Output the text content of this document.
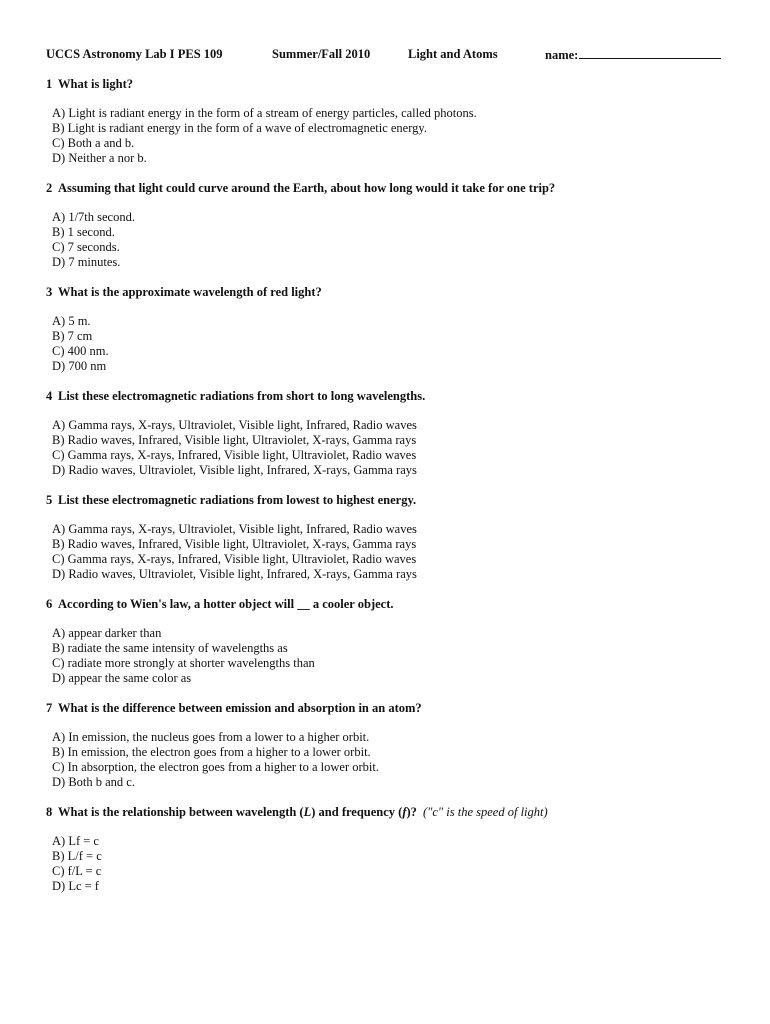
UCCS Astronomy Lab I PES 109	Summer/Fall 2010	Light and Atoms	name:
1 What is light?
A) Light is radiant energy in the form of a stream of energy particles, called photons.
B) Light is radiant energy in the form of a wave of electromagnetic energy.
C) Both a and b.
D) Neither a nor b.
2 Assuming that light could curve around the Earth, about how long would it take for one trip?
A) 1/7th second.
B) 1 second.
C) 7 seconds.
D) 7 minutes.
3 What is the approximate wavelength of red light?
A) 5 m.
B) 7 cm
C) 400 nm.
D) 700 nm
4 List these electromagnetic radiations from short to long wavelengths.
A) Gamma rays, X-rays, Ultraviolet, Visible light, Infrared, Radio waves
B) Radio waves, Infrared, Visible light, Ultraviolet, X-rays, Gamma rays
C) Gamma rays, X-rays, Infrared, Visible light, Ultraviolet, Radio waves
D) Radio waves, Ultraviolet, Visible light, Infrared, X-rays, Gamma rays
5 List these electromagnetic radiations from lowest to highest energy.
A) Gamma rays, X-rays, Ultraviolet, Visible light, Infrared, Radio waves
B) Radio waves, Infrared, Visible light, Ultraviolet, X-rays, Gamma rays
C) Gamma rays, X-rays, Infrared, Visible light, Ultraviolet, Radio waves
D) Radio waves, Ultraviolet, Visible light, Infrared, X-rays, Gamma rays
6 According to Wien's law, a hotter object will __ a cooler object.
A) appear darker than
B) radiate the same intensity of wavelengths as
C) radiate more strongly at shorter wavelengths than
D) appear the same color as
7 What is the difference between emission and absorption in an atom?
A) In emission, the nucleus goes from a lower to a higher orbit.
B) In emission, the electron goes from a higher to a lower orbit.
C) In absorption, the electron goes from a higher to a lower orbit.
D) Both b and c.
8 What is the relationship between wavelength (L) and frequency (f)? ("c" is the speed of light)
A) Lf = c
B) L/f = c
C) f/L = c
D) Lc = f
